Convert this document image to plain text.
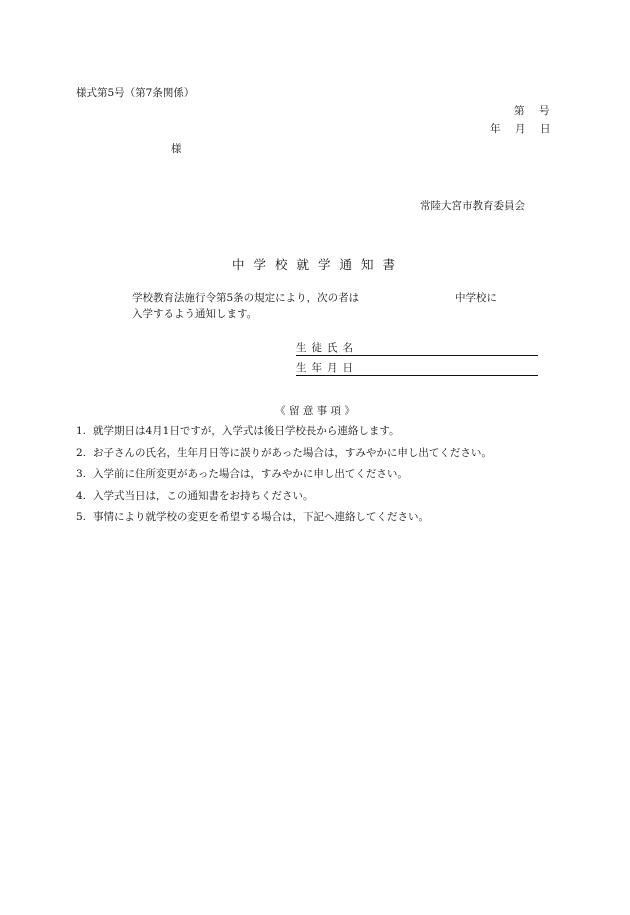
様式第5号（第7条関係）
第　号
年　月　日
様
常陸大宮市教育委員会
中学校就学通知書
学校教育法施行令第5条の規定により，次の者は	中学校に
入学するよう通知します。
生徒氏名
生年月日
《 留 意 事 項 》
1. 就学期日は4月1日ですが，入学式は後日学校長から連絡します。
2. お子さんの氏名，生年月日等に誤りがあった場合は，すみやかに申し出てください。
3. 入学前に住所変更があった場合は，すみやかに申し出てください。
4. 入学式当日は，この通知書をお持ちください。
5. 事情により就学校の変更を希望する場合は，下記へ連絡してください。
